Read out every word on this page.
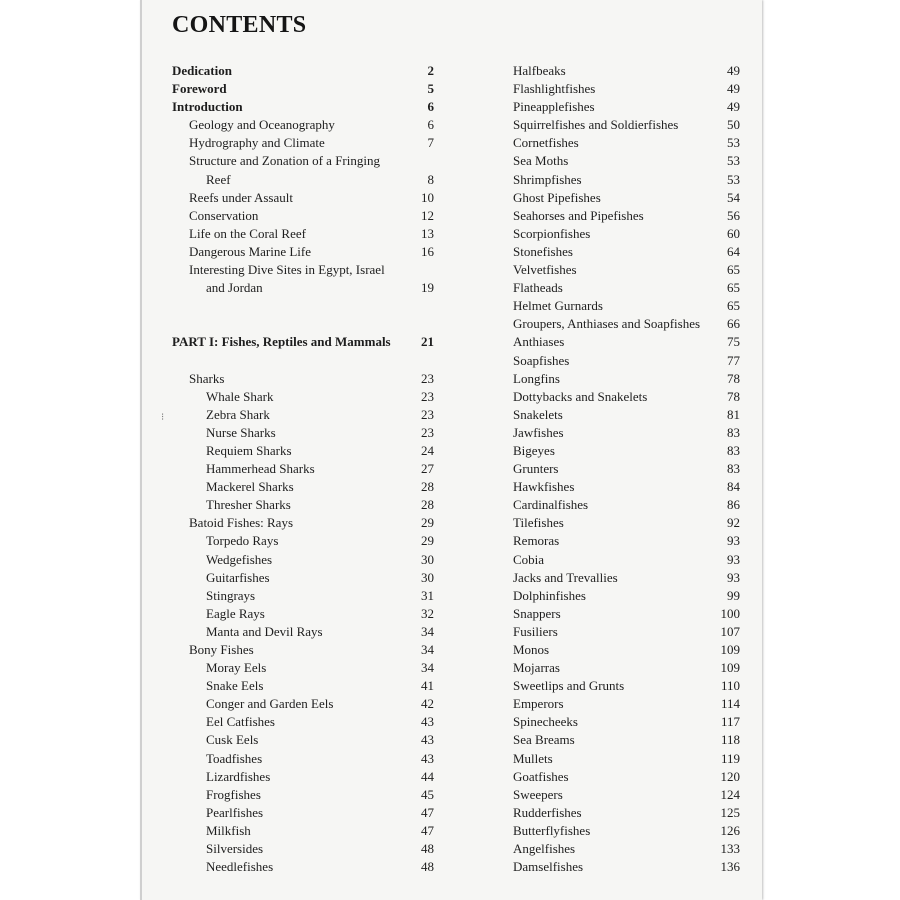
CONTENTS
Dedication	2
Foreword	5
Introduction	6
Geology and Oceanography	6
Hydrography and Climate	7
Structure and Zonation of a Fringing
Reef	8
Reefs under Assault	10
Conservation	12
Life on the Coral Reef	13
Dangerous Marine Life	16
Interesting Dive Sites in Egypt, Israel
and Jordan	19
PART I: Fishes, Reptiles and Mammals 21
Sharks	23
Whale Shark	23
Zebra Shark	23
Nurse Sharks	23
Requiem Sharks	24
Hammerhead Sharks	27
Mackerel Sharks	28
Thresher Sharks	28
Batoid Fishes: Rays	29
Torpedo Rays	29
Wedgefishes	30
Guitarfishes	30
Stingrays	31
Eagle Rays	32
Manta and Devil Rays	34
Bony Fishes	34
Moray Eels	34
Snake Eels	41
Conger and Garden Eels	42
Eel Catfishes	43
Cusk Eels	43
Toadfishes	43
Lizardfishes	44
Frogfishes	45
Pearlfishes	47
Milkfish	47
Silversides	48
Needlefishes	48
Halfbeaks	49
Flashlightfishes	49
Pineapplefishes	49
Squirrelfishes and Soldierfishes	50
Cornetfishes	53
Sea Moths	53
Shrimpfishes	53
Ghost Pipefishes	54
Seahorses and Pipefishes	56
Scorpionfishes	60
Stonefishes	64
Velvetfishes	65
Flatheads	65
Helmet Gurnards	65
Groupers, Anthiases and Soapfishes 66
Anthiases	75
Soapfishes	77
Longfins	78
Dottybacks and Snakelets	78
Snakelets	81
Jawfishes	83
Bigeyes	83
Grunters	83
Hawkfishes	84
Cardinalfishes	86
Tilefishes	92
Remoras	93
Cobia	93
Jacks and Trevallies	93
Dolphinfishes	99
Snappers	100
Fusiliers	107
Monos	109
Mojarras	109
Sweetlips and Grunts	110
Emperors	114
Spinecheeks	117
Sea Breams	118
Mullets	119
Goatfishes	120
Sweepers	124
Rudderfishes	125
Butterflyfishes	126
Angelfishes	133
Damselfishes	136
⁝
